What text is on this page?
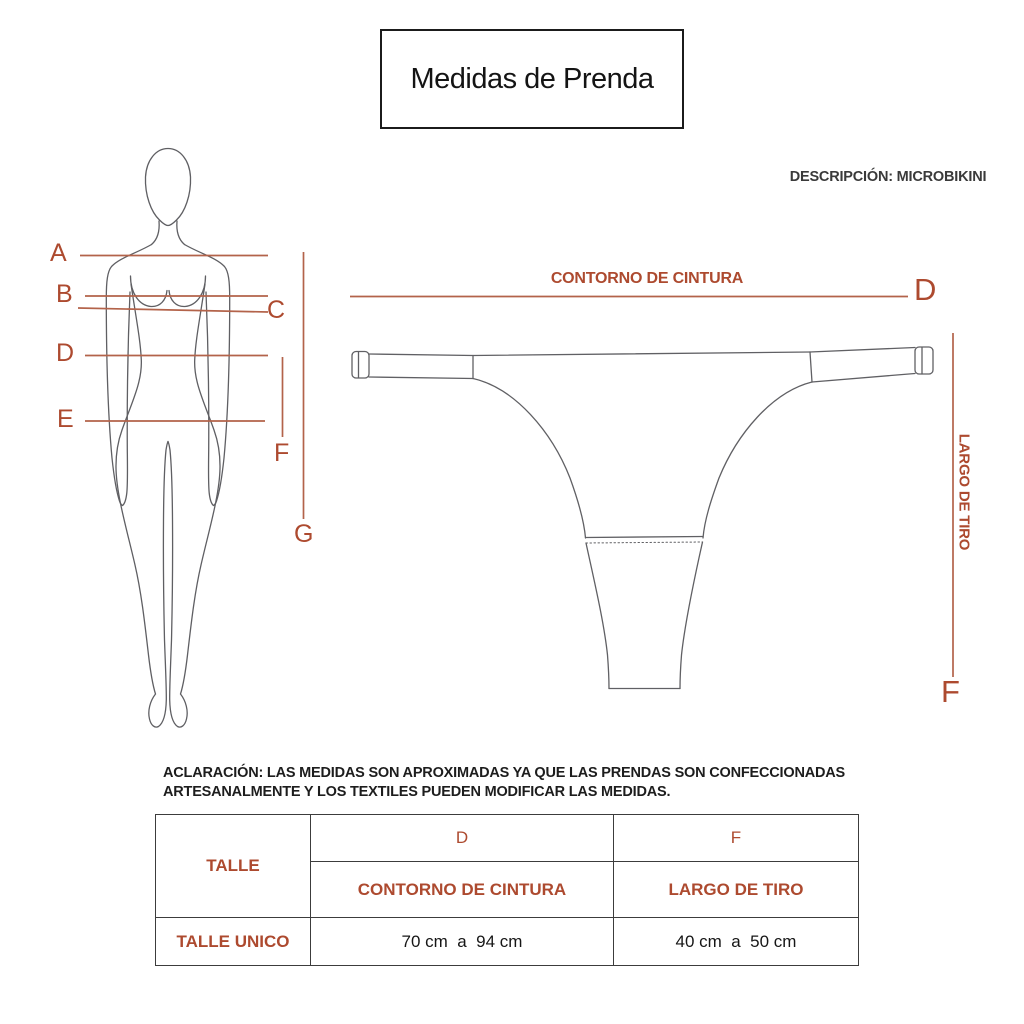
Medidas de Prenda
DESCRIPCIÓN: MICROBIKINI
A
B
C
D
E
F
G
CONTORNO DE CINTURA	D
LARGO DE TIRO
F
ACLARACIÓN: LAS MEDIDAS SON APROXIMADAS YA QUE LAS PRENDAS SON CONFECCIONADAS
ARTESANALMENTE Y LOS TEXTILES PUEDEN MODIFICAR LAS MEDIDAS.
TALLE	D	F
	CONTORNO DE CINTURA	LARGO DE TIRO
TALLE UNICO	70 cm  a  94 cm	40 cm  a  50 cm
